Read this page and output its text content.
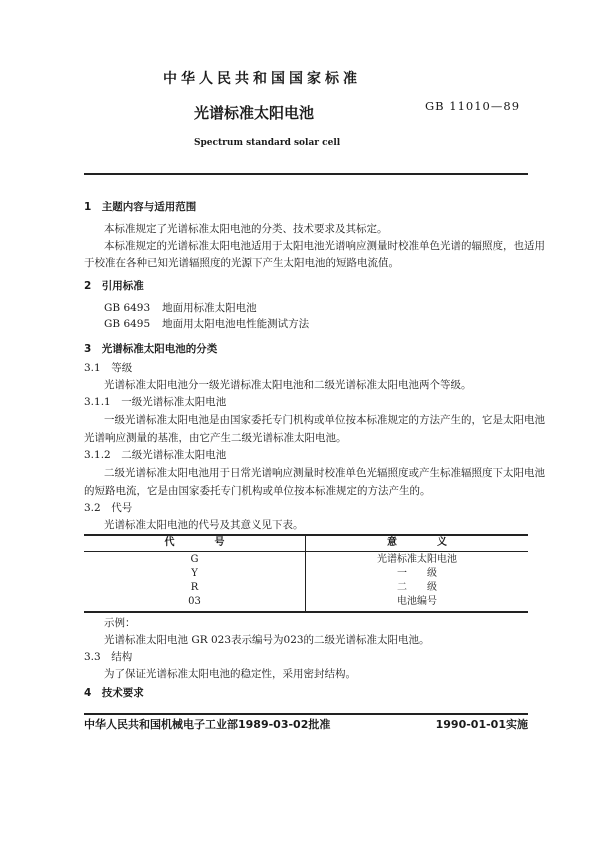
中华人民共和国国家标准
光谱标准太阳电池	GB 11010—89
Spectrum standard solar cell
1　主题内容与适用范围
本标准规定了光谱标准太阳电池的分类、技术要求及其标定。
本标准规定的光谱标准太阳电池适用于太阳电池光谱响应测量时校准单色光谱的辐照度，也适用
于校准在各种已知光谱辐照度的光源下产生太阳电池的短路电流值。
2　引用标准
GB 6493 地面用标准太阳电池
GB 6495 地面用太阳电池电性能测试方法
3　光谱标准太阳电池的分类
3.1　等级
光谱标准太阳电池分一级光谱标准太阳电池和二级光谱标准太阳电池两个等级。
3.1.1　一级光谱标准太阳电池
一级光谱标准太阳电池是由国家委托专门机构或单位按本标准规定的方法产生的，它是太阳电池
光谱响应测量的基准，由它产生二级光谱标准太阳电池。
3.1.2　二级光谱标准太阳电池
二级光谱标准太阳电池用于日常光谱响应测量时校准单色光辐照度或产生标准辐照度下太阳电池
的短路电流，它是由国家委托专门机构或单位按本标准规定的方法产生的。
3.2　代号
光谱标准太阳电池的代号及其意义见下表。
代　　　　号	意　　　　义
G	光谱标准太阳电池
Y	一　　级
R	二　　级
03	电池编号
示例：
光谱标准太阳电池 GR 023表示编号为023的二级光谱标准太阳电池。
3.3　结构
为了保证光谱标准太阳电池的稳定性，采用密封结构。
4　技术要求
中华人民共和国机械电子工业部1989-03-02批准	1990-01-01实施
